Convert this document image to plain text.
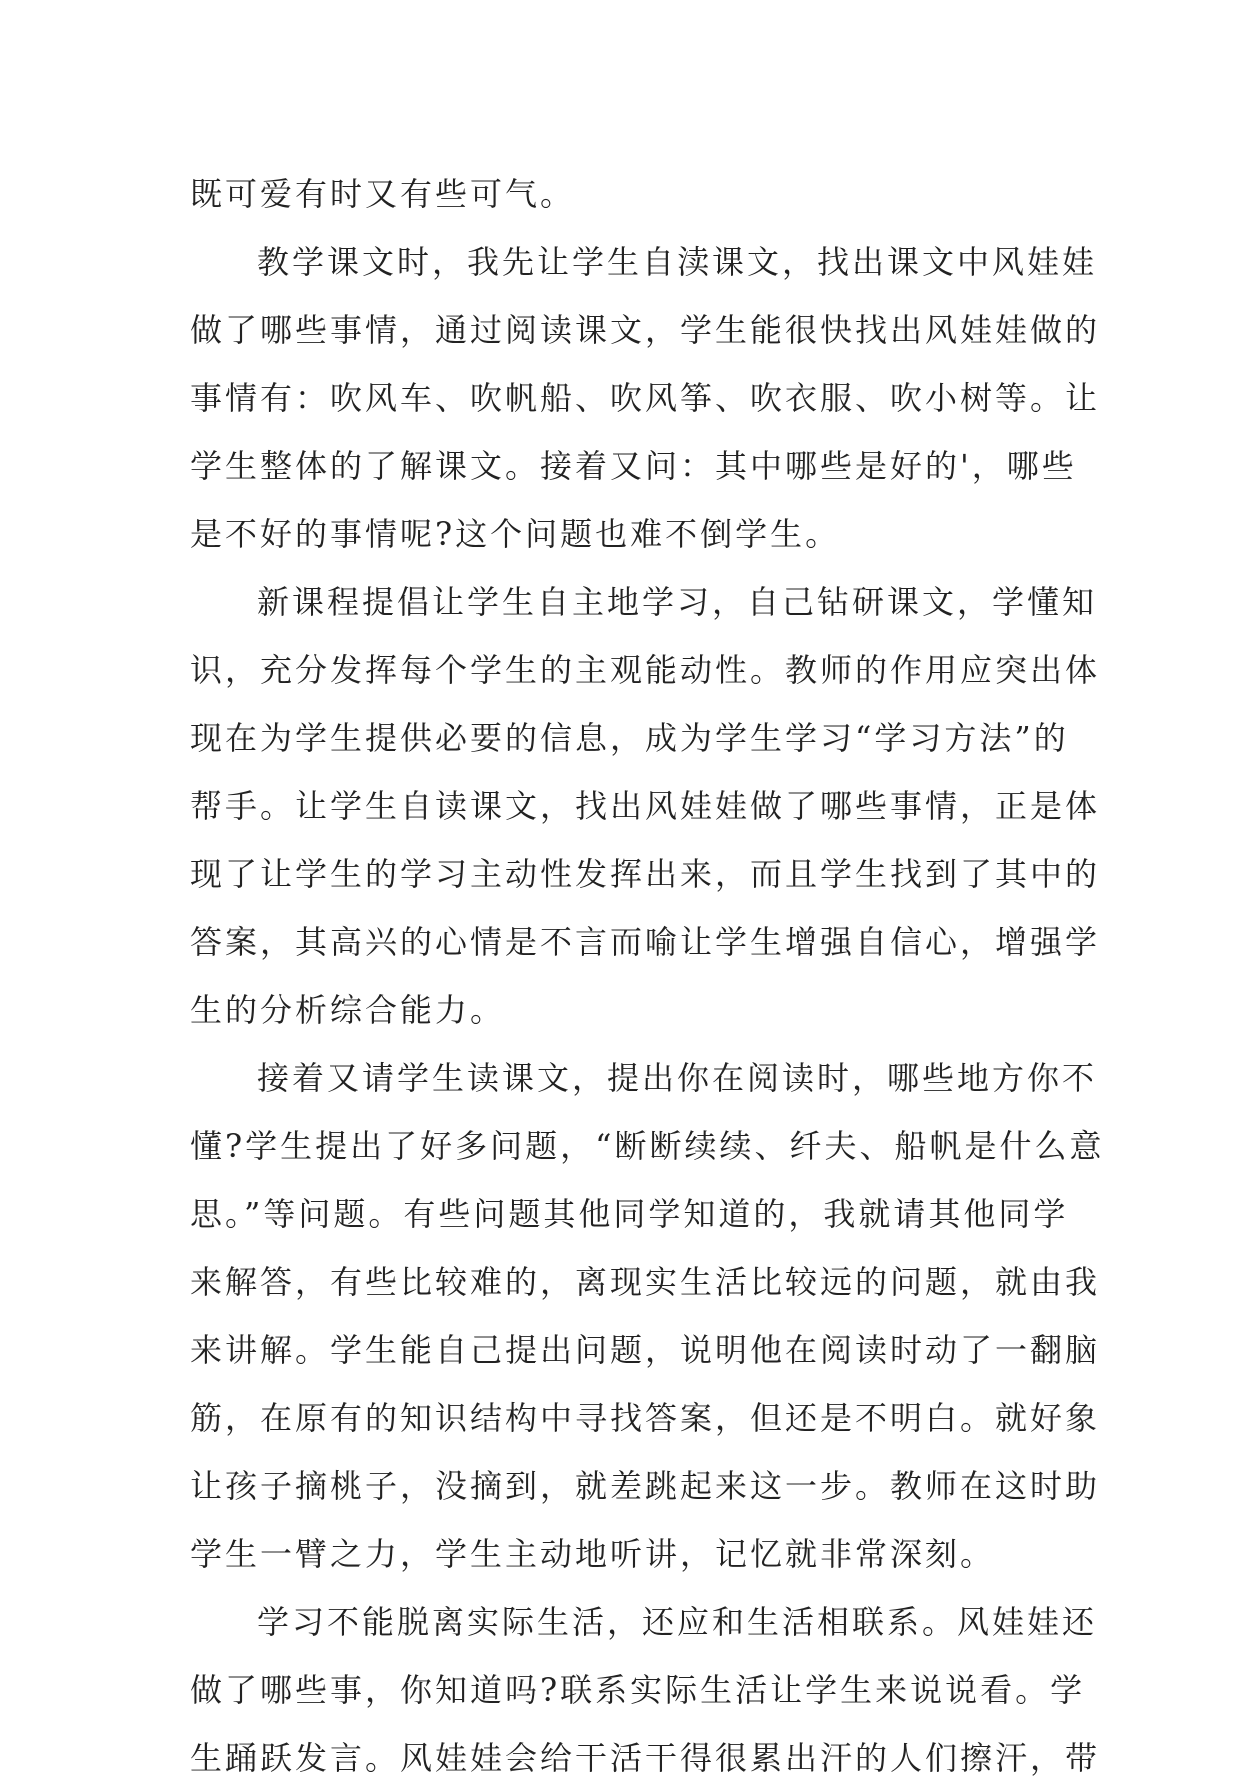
既可爱有时又有些可气。
教学课文时，我先让学生自渎课文，找出课文中风娃娃
做了哪些事情，通过阅读课文，学生能很快找出风娃娃做的
事情有：吹风车、吹帆船、吹风筝、吹衣服、吹小树等。让
学生整体的了解课文。接着又问：其中哪些是好的'，哪些
是不好的事情呢?这个问题也难不倒学生。
新课程提倡让学生自主地学习，自己钻研课文，学懂知
识，充分发挥每个学生的主观能动性。教师的作用应突出体
现在为学生提供必要的信息，成为学生学习“学习方法”的
帮手。让学生自读课文，找出风娃娃做了哪些事情，正是体
现了让学生的学习主动性发挥出来，而且学生找到了其中的
答案，其高兴的心情是不言而喻让学生增强自信心，增强学
生的分析综合能力。
接着又请学生读课文，提出你在阅读时，哪些地方你不
懂?学生提出了好多问题，“断断续续、纤夫、船帆是什么意
思。”等问题。有些问题其他同学知道的，我就请其他同学
来解答，有些比较难的，离现实生活比较远的问题，就由我
来讲解。学生能自己提出问题，说明他在阅读时动了一翻脑
筋，在原有的知识结构中寻找答案，但还是不明白。就好象
让孩子摘桃子，没摘到，就差跳起来这一步。教师在这时助
学生一臂之力，学生主动地听讲，记忆就非常深刻。
学习不能脱离实际生活，还应和生活相联系。风娃娃还
做了哪些事，你知道吗?联系实际生活让学生来说说看。学
生踊跃发言。风娃娃会给干活干得很累出汗的人们擦汗，带
